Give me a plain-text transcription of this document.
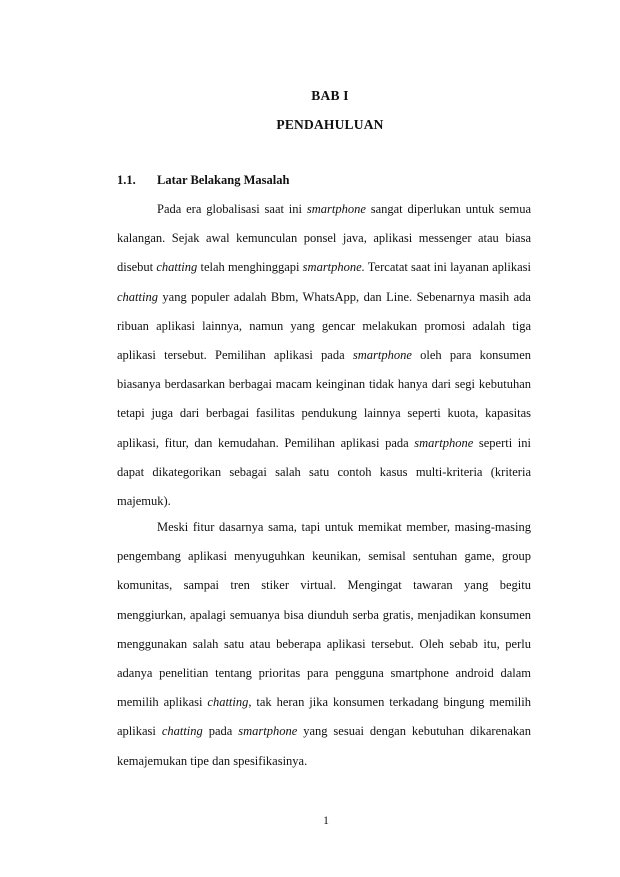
BAB I
PENDAHULUAN
1.1. Latar Belakang Masalah

Pada era globalisasi saat ini smartphone sangat diperlukan untuk semua kalangan. Sejak awal kemunculan ponsel java, aplikasi messenger atau biasa disebut chatting telah menghinggapi smartphone. Tercatat saat ini layanan aplikasi chatting yang populer adalah Bbm, WhatsApp, dan Line. Sebenarnya masih ada ribuan aplikasi lainnya, namun yang gencar melakukan promosi adalah tiga aplikasi tersebut. Pemilihan aplikasi pada smartphone oleh para konsumen biasanya berdasarkan berbagai macam keinginan tidak hanya dari segi kebutuhan tetapi juga dari berbagai fasilitas pendukung lainnya seperti kuota, kapasitas aplikasi, fitur, dan kemudahan. Pemilihan aplikasi pada smartphone seperti ini dapat dikategorikan sebagai salah satu contoh kasus multi-kriteria (kriteria majemuk).

Meski fitur dasarnya sama, tapi untuk memikat member, masing-masing pengembang aplikasi menyuguhkan keunikan, semisal sentuhan game, group komunitas, sampai tren stiker virtual. Mengingat tawaran yang begitu menggiurkan, apalagi semuanya bisa diunduh serba gratis, menjadikan konsumen menggunakan salah satu atau beberapa aplikasi tersebut. Oleh sebab itu, perlu adanya penelitian tentang prioritas para pengguna smartphone android dalam memilih aplikasi chatting, tak heran jika konsumen terkadang bingung memilih aplikasi chatting pada smartphone yang sesuai dengan kebutuhan dikarenakan kemajemukan tipe dan spesifikasinya.

1
